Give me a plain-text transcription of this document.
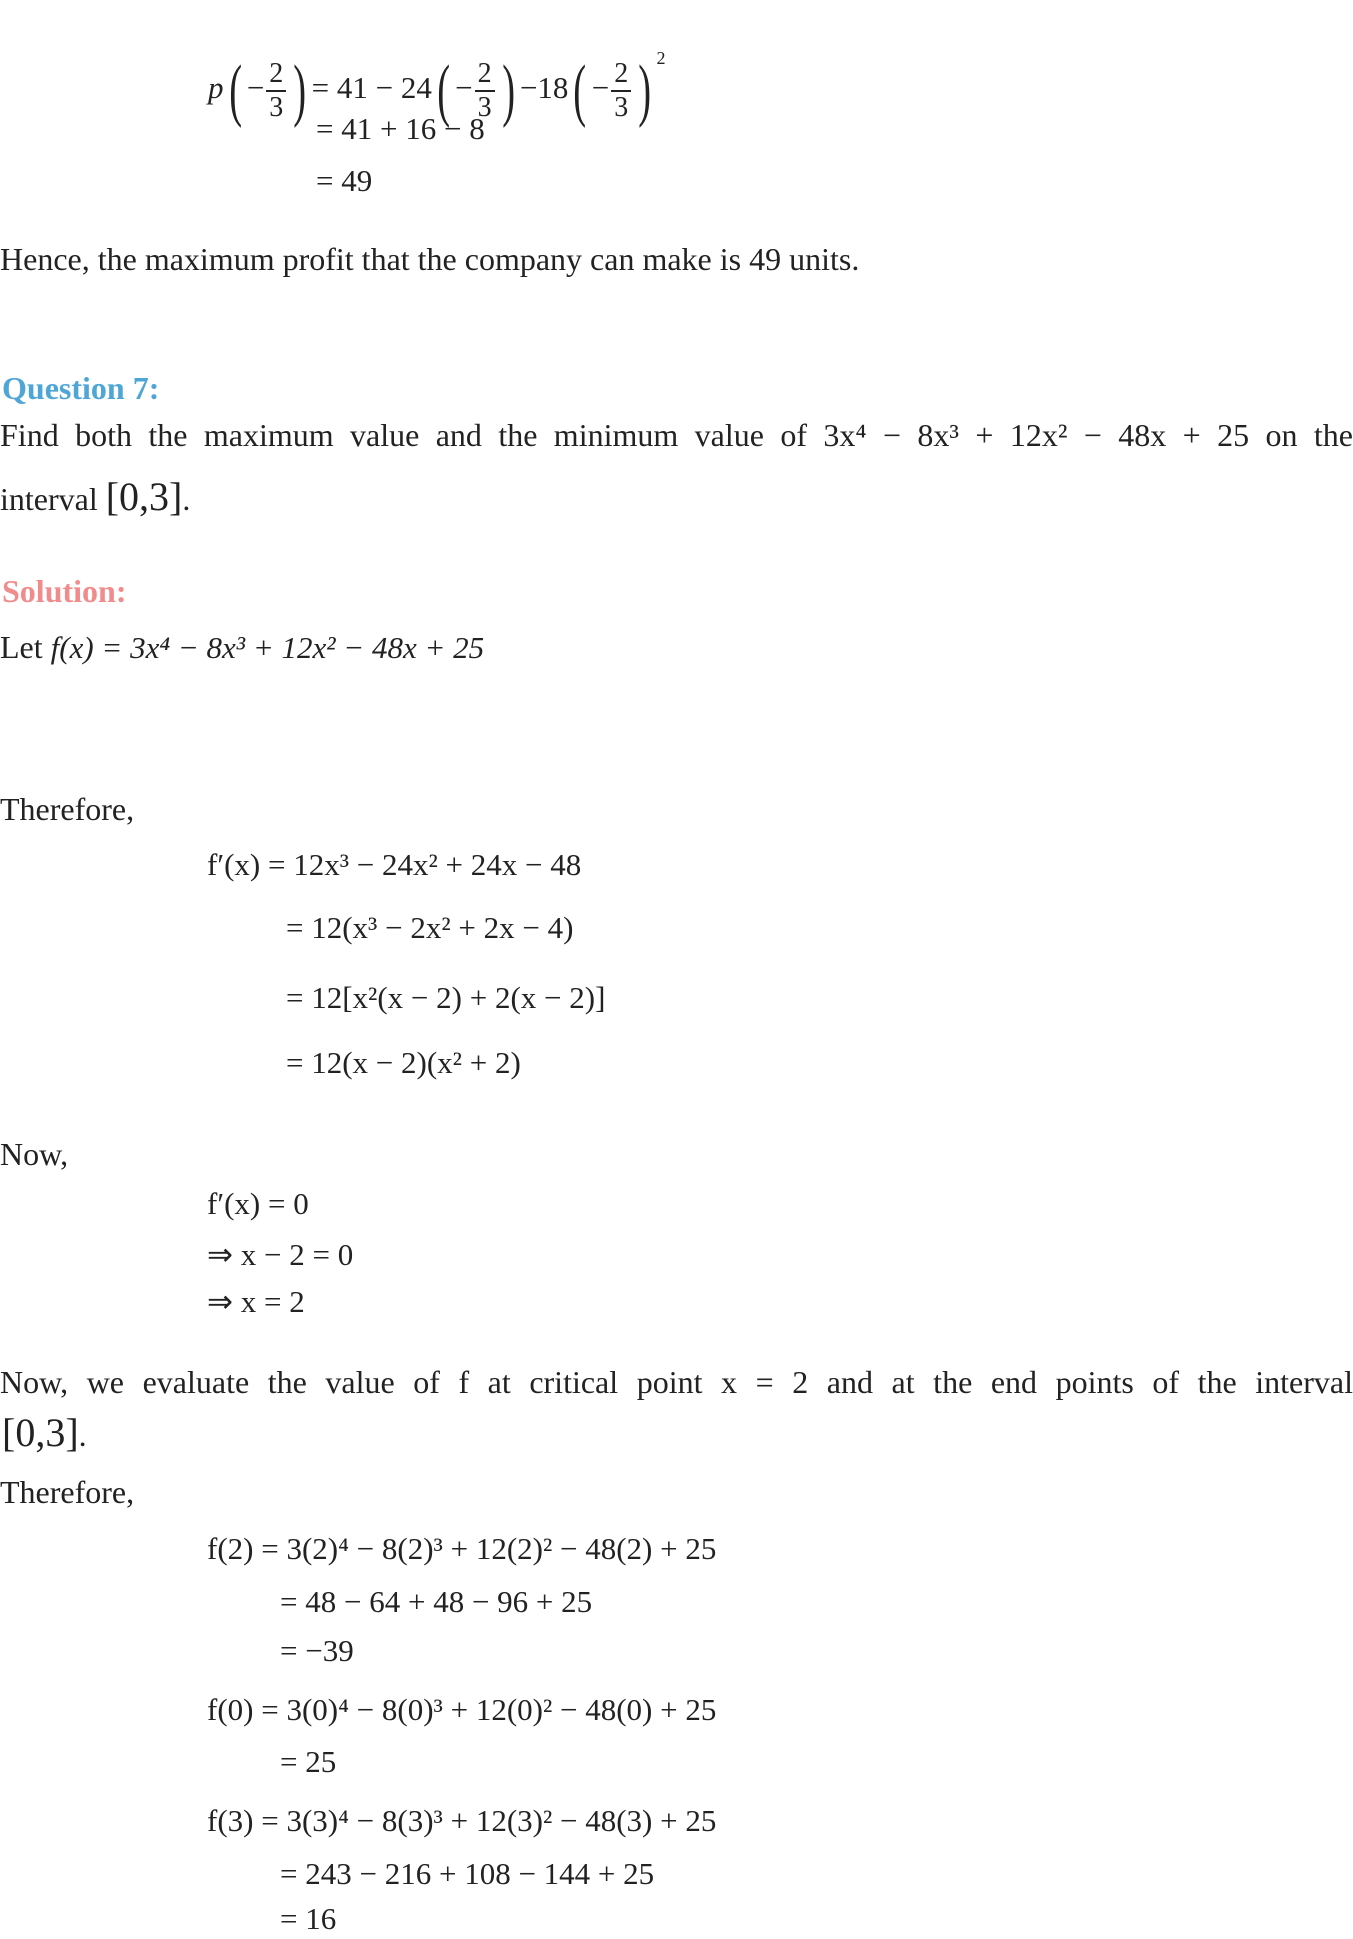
$p( - \frac{2}{3}$ ) = $41 - 24( - \frac{2}{3}$ ) $-18( - \frac{2}{3}$ ) $^2$
= 41 + 16 − 8
= 49
Hence, the maximum profit that the company can make is 49 units.
Question 7:
Find both the maximum value and the minimum value of 3x⁴ − 8x³ + 12x² − 48x + 25 on the
interval [0,3].
Solution:
Let f(x) = 3x⁴ − 8x³ + 12x² − 48x + 25
Therefore,
f′(x) = 12x³ − 24x² + 24x − 48
= 12(x³ − 2x² + 2x − 4)
= 12[x²(x − 2) + 2(x − 2)]
= 12(x − 2)(x² + 2)
Now,
f′(x) = 0
⇒ x − 2 = 0
⇒ x = 2
Now, we evaluate the value of f at critical point x = 2 and at the end points of the interval
[0,3].
Therefore,
f(2) = 3(2)⁴ − 8(2)³ + 12(2)² − 48(2) + 25
= 48 − 64 + 48 − 96 + 25
= −39
f(0) = 3(0)⁴ − 8(0)³ + 12(0)² − 48(0) + 25
= 25
f(3) = 3(3)⁴ − 8(3)³ + 12(3)² − 48(3) + 25
= 243 − 216 + 108 − 144 + 25
= 16
